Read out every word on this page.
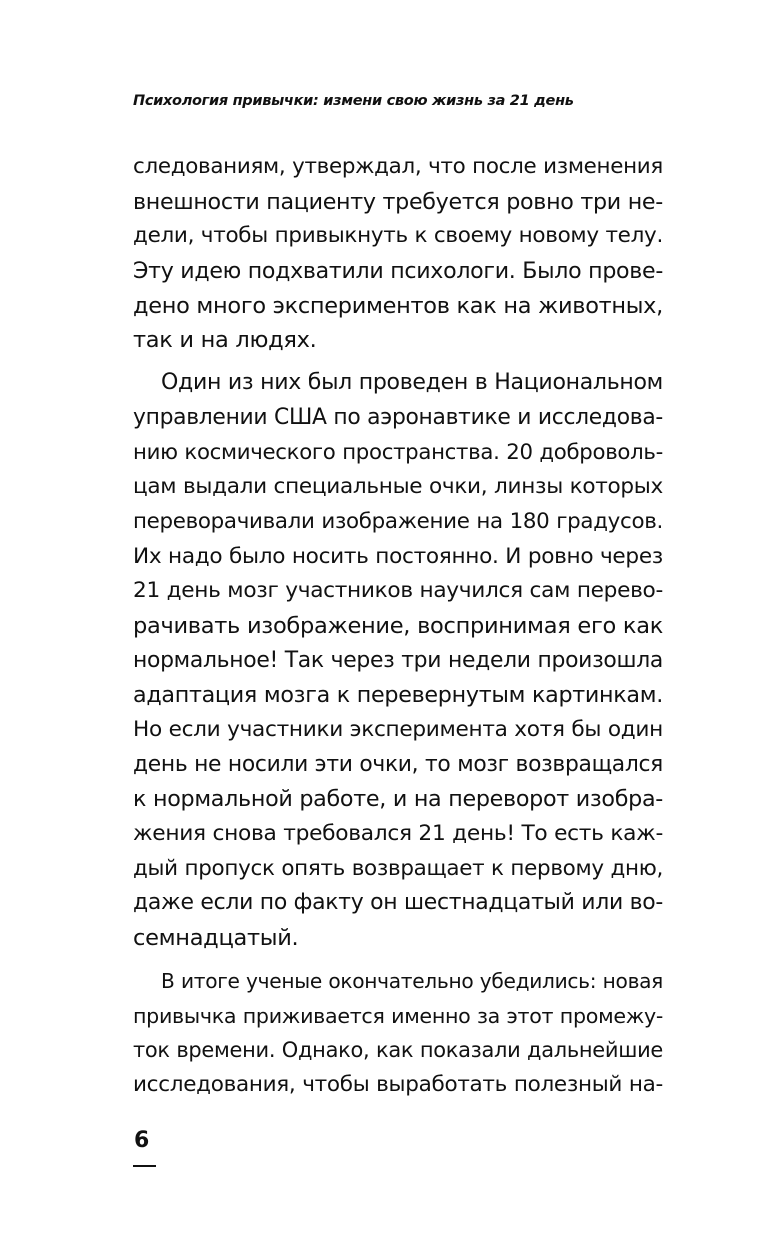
Психология привычки: измени свою жизнь за 21 день
следованиям, утверждал, что после изменения
внешности пациенту требуется ровно три не-
дели, чтобы привыкнуть к своему новому телу.
Эту идею подхватили психологи. Было прове-
дено много экспериментов как на животных,
так и на людях.
Один из них был проведен в Национальном
управлении США по аэронавтике и исследова-
нию космического пространства. 20 доброволь-
цам выдали специальные очки, линзы которых
переворачивали изображение на 180 градусов.
Их надо было носить постоянно. И ровно через
21 день мозг участников научился сам перево-
рачивать изображение, воспринимая его как
нормальное! Так через три недели произошла
адаптация мозга к перевернутым картинкам.
Но если участники эксперимента хотя бы один
день не носили эти очки, то мозг возвращался
к нормальной работе, и на переворот изобра-
жения снова требовался 21 день! То есть каж-
дый пропуск опять возвращает к первому дню,
даже если по факту он шестнадцатый или во-
семнадцатый.
В итоге ученые окончательно убедились: новая
привычка приживается именно за этот промежу-
ток времени. Однако, как показали дальнейшие
исследования, чтобы выработать полезный на-
6
